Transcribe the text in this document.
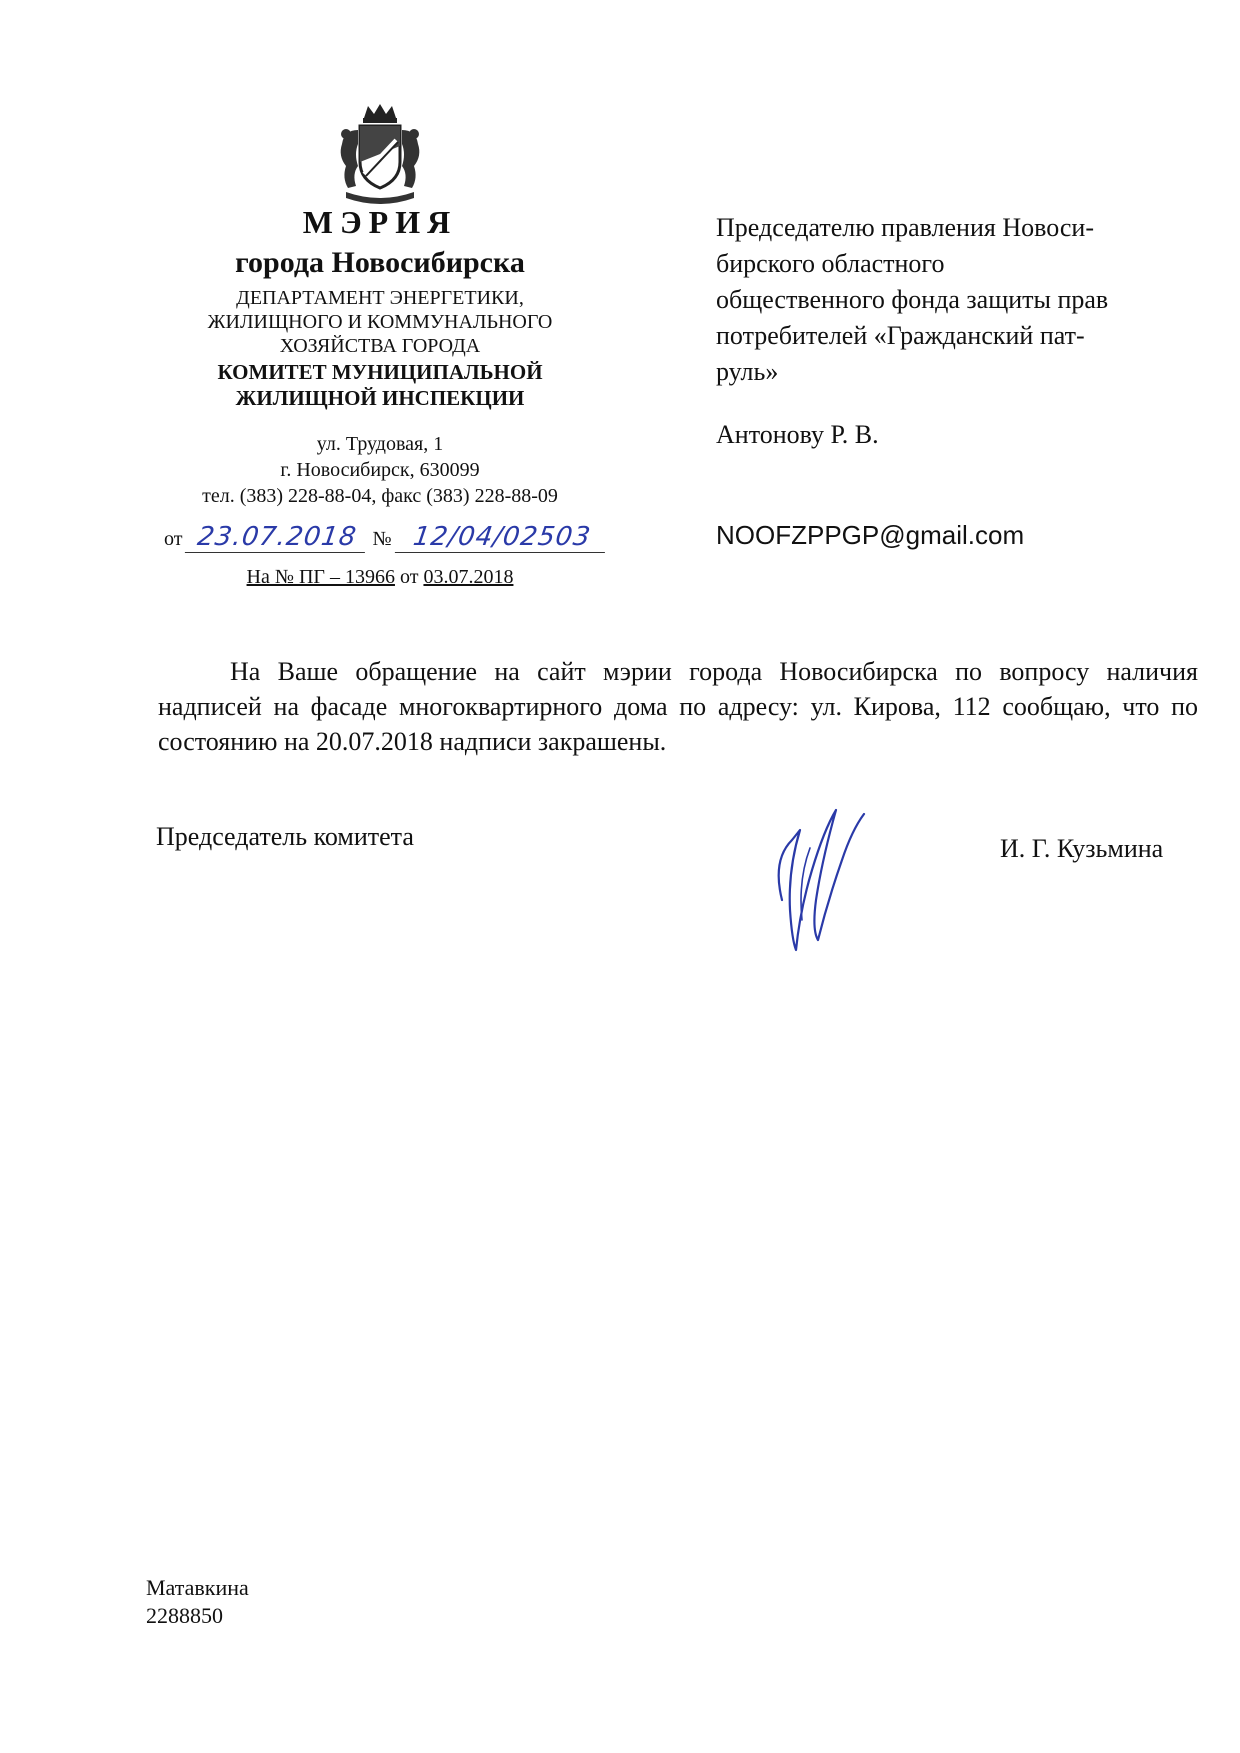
МЭРИЯ
города Новосибирска
ДЕПАРТАМЕНТ ЭНЕРГЕТИКИ,
ЖИЛИЩНОГО И КОММУНАЛЬНОГО
ХОЗЯЙСТВА ГОРОДА
КОМИТЕТ МУНИЦИПАЛЬНОЙ
ЖИЛИЩНОЙ ИНСПЕКЦИИ
ул. Трудовая, 1
г. Новосибирск, 630099
тел. (383) 228-88-04, факс (383) 228-88-09
от 23.07.2018 № 12/04/02503
На № ПГ – 13966 от 03.07.2018
Председателю правления Новоси-
бирского областного
общественного фонда защиты прав
потребителей «Гражданский пат-
руль»
Антонову Р. В.
NOOFZPPGP@gmail.com
На Ваше обращение на сайт мэрии города Новосибирска по вопросу наличия надписей на фасаде многоквартирного дома по адресу: ул. Кирова, 112 сообщаю, что по состоянию на 20.07.2018 надписи закрашены.
Председатель комитета	И. Г. Кузьмина
Матавкина
2288850
